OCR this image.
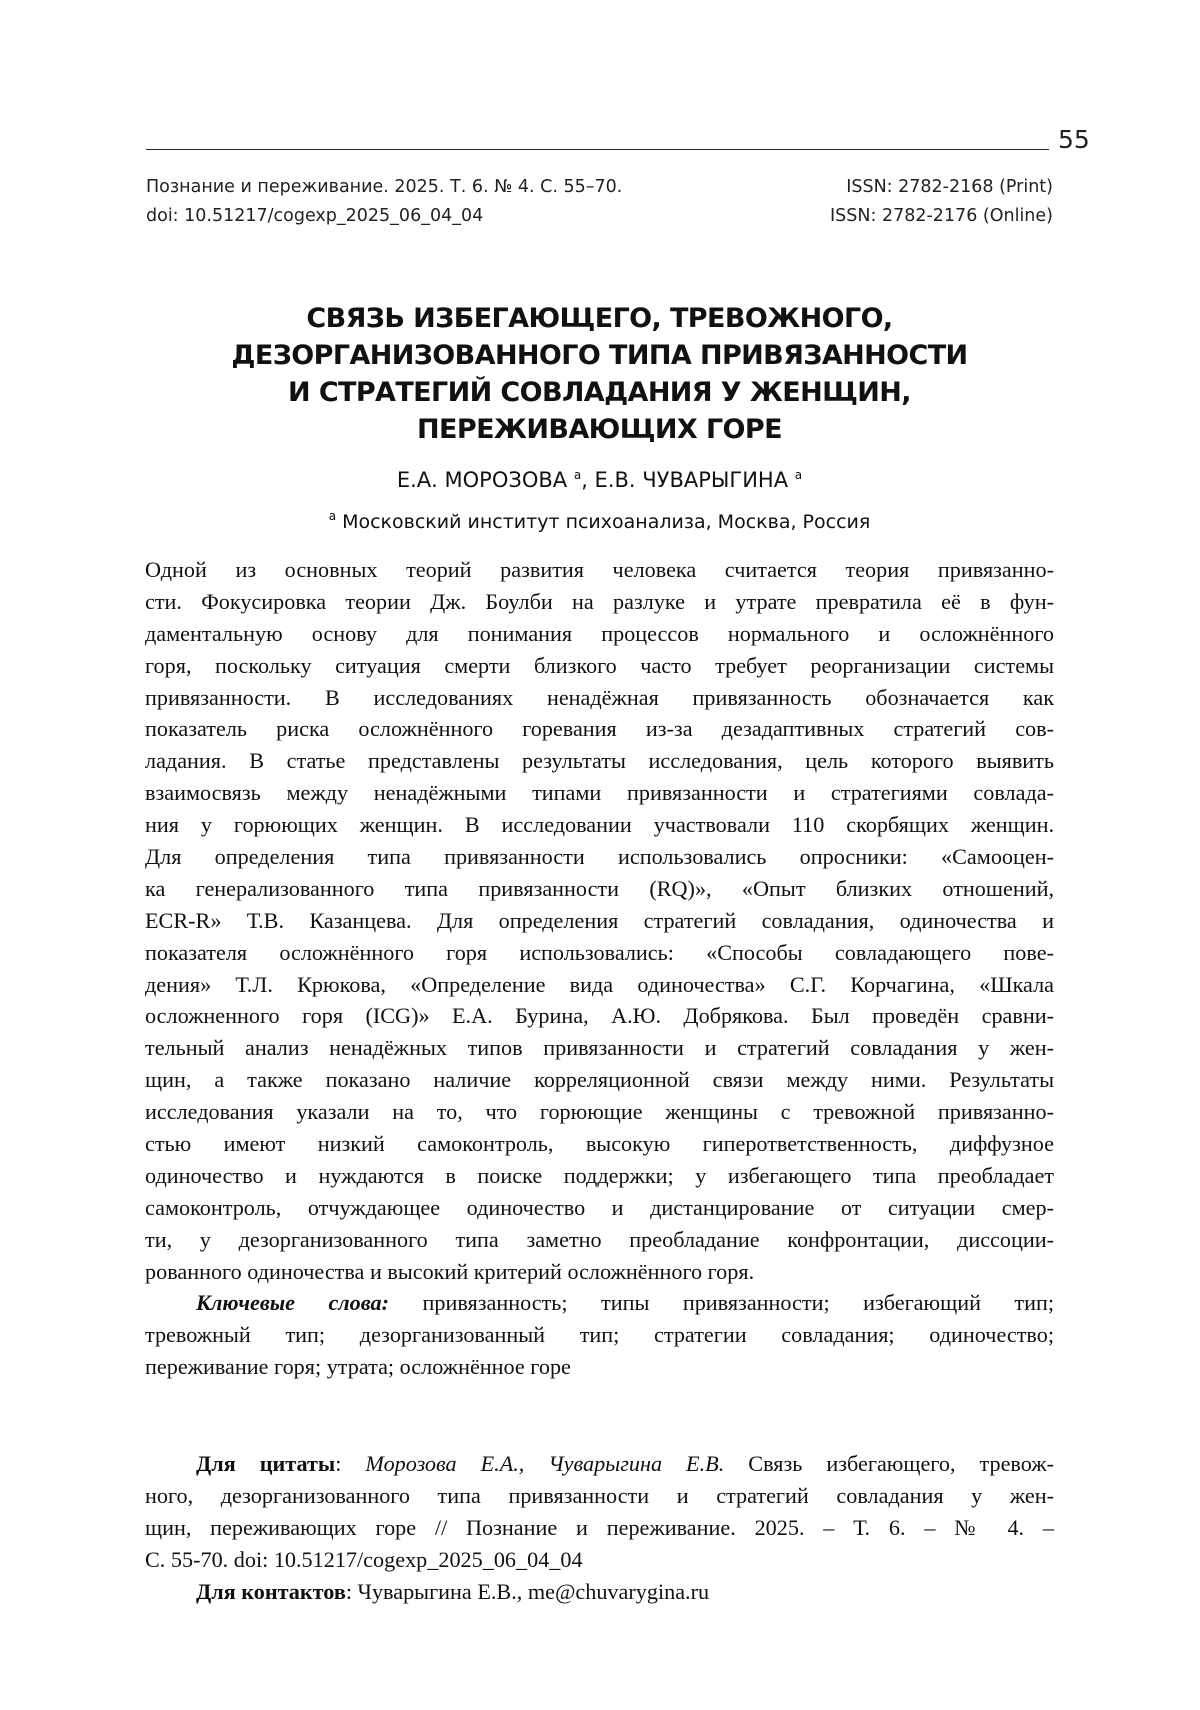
55
Познание и переживание. 2025. Т. 6. № 4. С. 55–70.	ISSN: 2782-2168 (Print)
doi: 10.51217/cogexp_2025_06_04_04	ISSN: 2782-2176 (Online)
СВЯЗЬ ИЗБЕГАЮЩЕГО, ТРЕВОЖНОГО,
ДЕЗОРГАНИЗОВАННОГО ТИПА ПРИВЯЗАННОСТИ
И СТРАТЕГИЙ СОВЛАДАНИЯ У ЖЕНЩИН,
ПЕРЕЖИВАЮЩИХ ГОРЕ
Е.А. МОРОЗОВА $^а$, Е.В. ЧУВАРЫГИНА $^а$
$^а$ Московский институт психоанализа, Москва, Россия
Одной из основных теорий развития человека считается теория привязанно-
сти. Фокусировка теории Дж. Боулби на разлуке и утрате превратила её в фун-
даментальную основу для понимания процессов нормального и осложнённого
горя, поскольку ситуация смерти близкого часто требует реорганизации системы
привязанности. В исследованиях ненадёжная привязанность обозначается как
показатель риска осложнённого горевания из-за дезадаптивных стратегий сов-
ладания. В статье представлены результаты исследования, цель которого выявить
взаимосвязь между ненадёжными типами привязанности и стратегиями совлада-
ния у горюющих женщин. В исследовании участвовали 110 скорбящих женщин.
Для определения типа привязанности использовались опросники: «Самооцен-
ка генерализованного типа привязанности (RQ)», «Опыт близких отношений,
ECR-R» Т.В. Казанцева. Для определения стратегий совладания, одиночества и
показателя осложнённого горя использовались: «Способы совладающего пове-
дения» Т.Л. Крюкова, «Определение вида одиночества» С.Г. Корчагина, «Шкала
осложненного горя (ICG)» Е.А. Бурина, А.Ю. Добрякова. Был проведён сравни-
тельный анализ ненадёжных типов привязанности и стратегий совладания у жен-
щин, а также показано наличие корреляционной связи между ними. Результаты
исследования указали на то, что горюющие женщины с тревожной привязанно-
стью имеют низкий самоконтроль, высокую гиперответственность, диффузное
одиночество и нуждаются в поиске поддержки; у избегающего типа преобладает
самоконтроль, отчуждающее одиночество и дистанцирование от ситуации смер-
ти, у дезорганизованного типа заметно преобладание конфронтации, диссоции-
рованного одиночества и высокий критерий осложнённого горя.
Ключевые слова: привязанность; типы привязанности; избегающий тип;
тревожный тип; дезорганизованный тип; стратегии совладания; одиночество;
переживание горя; утрата; осложнённое горе
Для цитаты: Морозова Е.А., Чуварыгина Е.В. Связь избегающего, тревож-
ного, дезорганизованного типа привязанности и стратегий совладания у жен-
щин, переживающих горе // Познание и переживание. 2025. – Т. 6. – № 4. –
С. 55-70. doi: 10.51217/cogexp_2025_06_04_04
Для контактов: Чуварыгина Е.В., me@chuvarygina.ru
